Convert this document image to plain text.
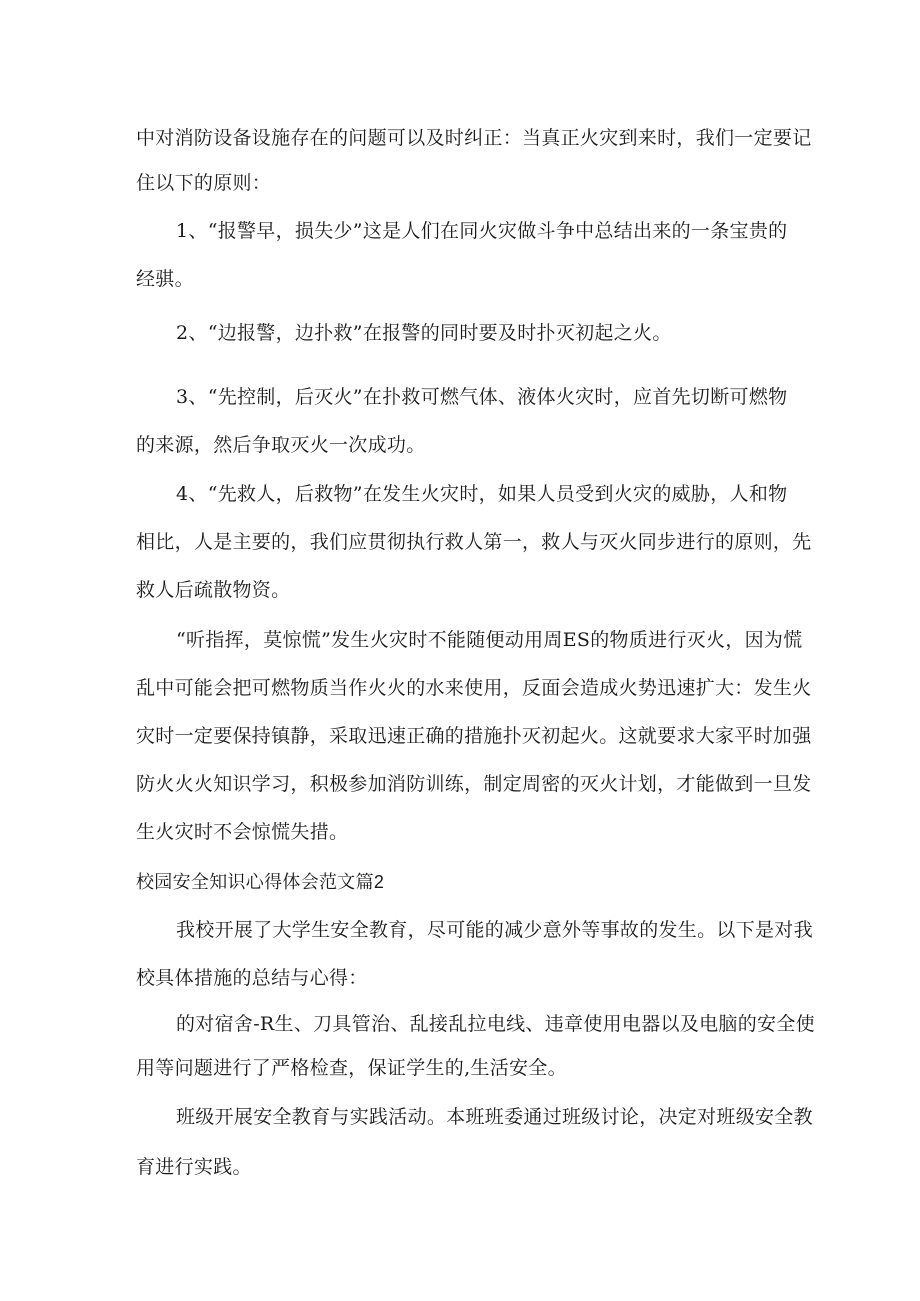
中对消防设备设施存在的问题可以及时纠正：当真正火灾到来时，我们一定要记
住以下的原则：
1、“报警早，损失少”这是人们在同火灾做斗争中总结出来的一条宝贵的
经骐。
2、“边报警，边扑救”在报警的同时要及时扑灭初起之火。
3、“先控制，后灭火”在扑救可燃气体、液体火灾时，应首先切断可燃物
的来源，然后争取灭火一次成功。
4、“先救人，后救物”在发生火灾时，如果人员受到火灾的威胁，人和物
相比，人是主要的，我们应贯彻执行救人第一，救人与灭火同步进行的原则，先
救人后疏散物资。
“听指挥，莫惊慌”发生火灾时不能随便动用周ES的物质进行灭火，因为慌
乱中可能会把可燃物质当作火火的水来使用，反面会造成火势迅速扩大：发生火
灾时一定要保持镇静，采取迅速正确的措施扑灭初起火。这就要求大家平时加强
防火火火知识学习，积极参加消防训练，制定周密的灭火计划，才能做到一旦发
生火灾时不会惊慌失措。
校园安全知识心得体会范文篇2
我校开展了大学生安全教育，尽可能的减少意外等事故的发生。以下是对我
校具体措施的总结与心得：
的对宿舍-R生、刀具管治、乱接乱拉电线、违章使用电器以及电脑的安全使
用等问题进行了严格检查，保证学生的,生活安全。
班级开展安全教育与实践活动。本班班委通过班级讨论，决定对班级安全教
育进行实践。
